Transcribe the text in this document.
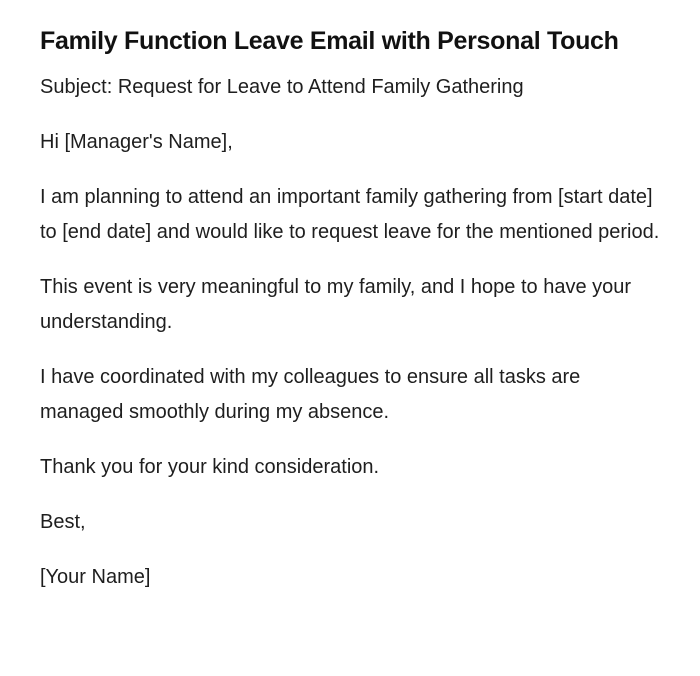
Family Function Leave Email with Personal Touch

Subject: Request for Leave to Attend Family Gathering

Hi [Manager's Name],

I am planning to attend an important family gathering from [start date] to [end date] and would like to request leave for the mentioned period.

This event is very meaningful to my family, and I hope to have your understanding.

I have coordinated with my colleagues to ensure all tasks are managed smoothly during my absence.

Thank you for your kind consideration.

Best,

[Your Name]
